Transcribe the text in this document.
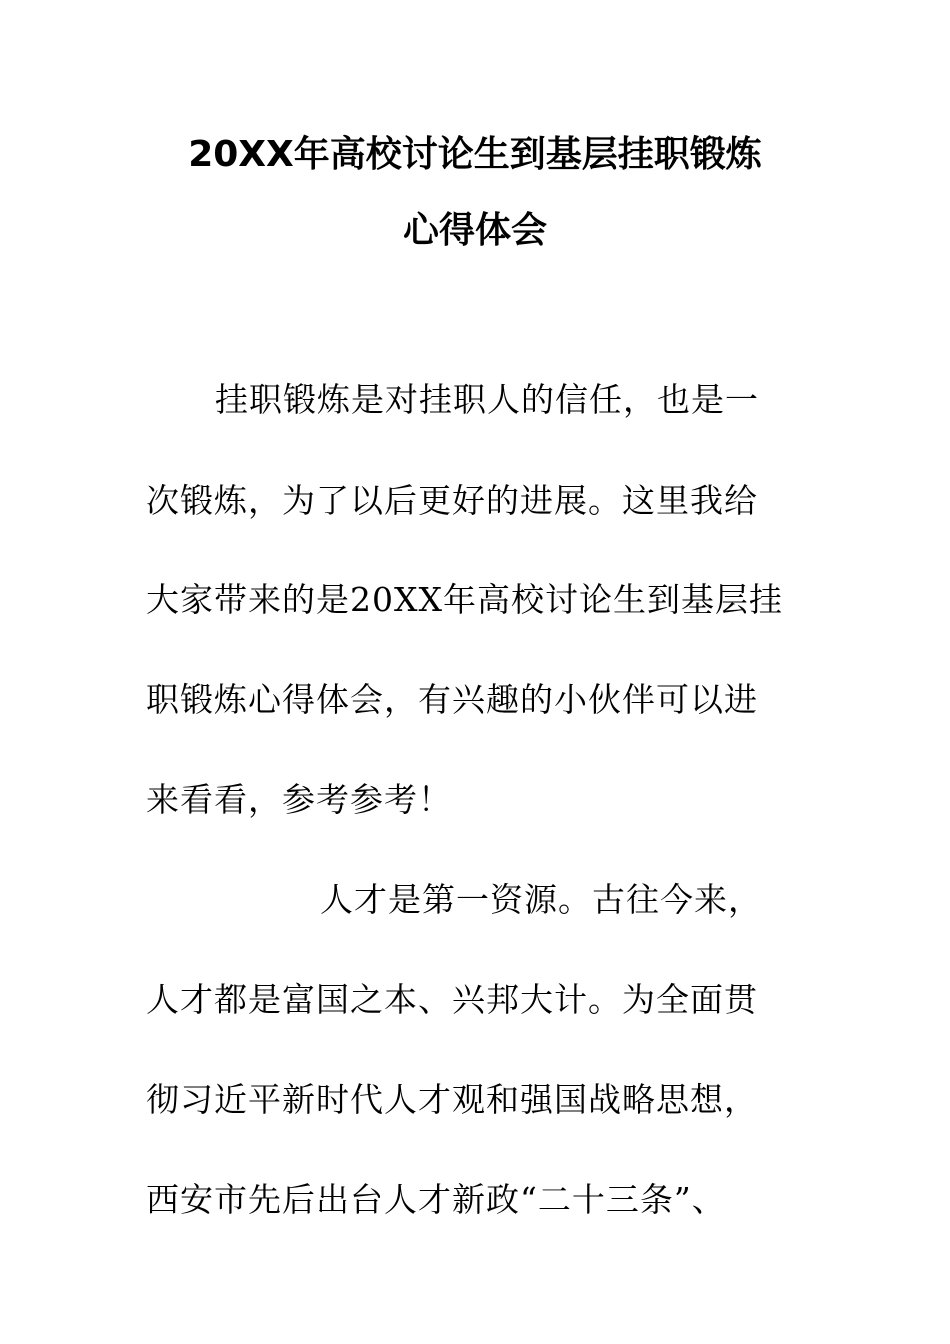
20XX年高校讨论生到基层挂职锻炼
心得体会
挂职锻炼是对挂职人的信任，也是一
次锻炼，为了以后更好的进展。这里我给
大家带来的是20XX年高校讨论生到基层挂
职锻炼心得体会，有兴趣的小伙伴可以进
来看看，参考参考！
人才是第一资源。古往今来，
人才都是富国之本、兴邦大计。为全面贯
彻习近平新时代人才观和强国战略思想，
西安市先后出台人才新政“二十三条”、
